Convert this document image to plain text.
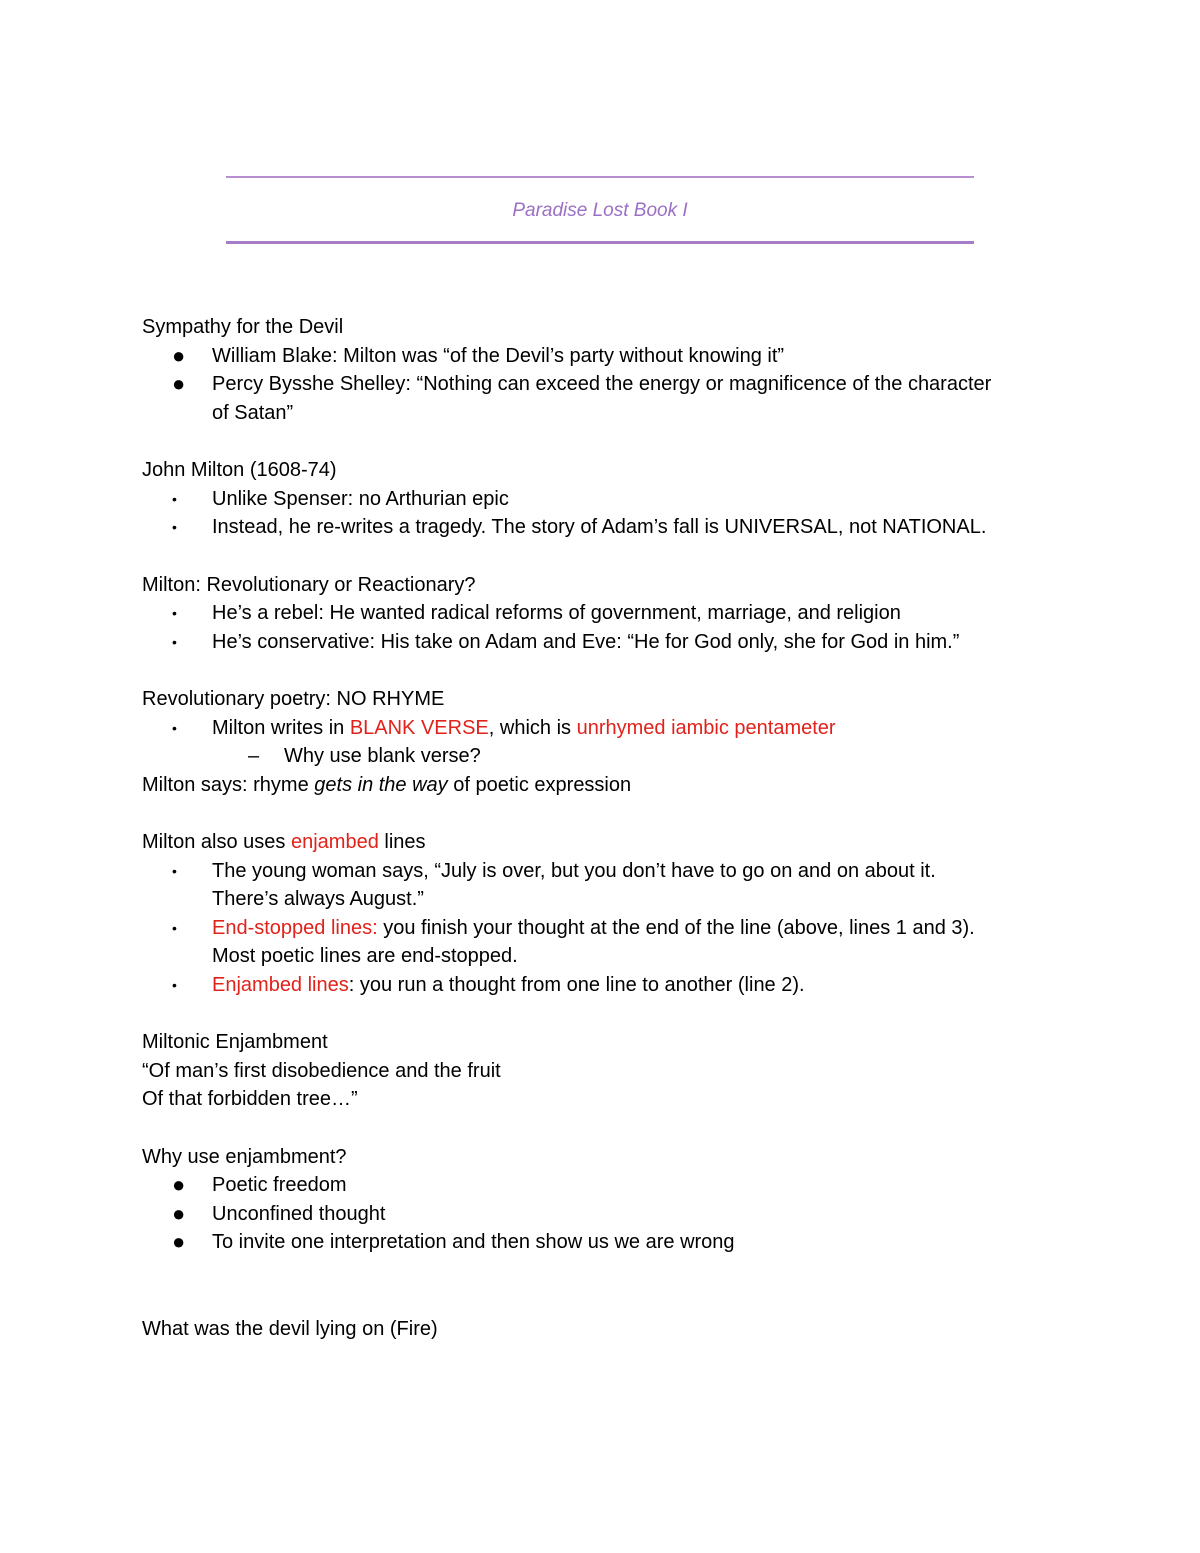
Paradise Lost Book I
Sympathy for the Devil
● William Blake: Milton was “of the Devil’s party without knowing it”
● Percy Bysshe Shelley: “Nothing can exceed the energy or magnificence of the character
of Satan”
John Milton (1608-74)
• Unlike Spenser: no Arthurian epic
• Instead, he re-writes a tragedy. The story of Adam’s fall is UNIVERSAL, not NATIONAL.
Milton: Revolutionary or Reactionary?
• He’s a rebel: He wanted radical reforms of government, marriage, and religion
• He’s conservative: His take on Adam and Eve: “He for God only, she for God in him.”
Revolutionary poetry: NO RHYME
• Milton writes in BLANK VERSE, which is unrhymed iambic pentameter
– Why use blank verse?
Milton says: rhyme gets in the way of poetic expression
Milton also uses enjambed lines
• The young woman says, “July is over, but you don’t have to go on and on about it.
There’s always August.”
• End-stopped lines: you finish your thought at the end of the line (above, lines 1 and 3).
Most poetic lines are end-stopped.
• Enjambed lines: you run a thought from one line to another (line 2).
Miltonic Enjambment
“Of man’s first disobedience and the fruit
Of that forbidden tree…”
Why use enjambment?
● Poetic freedom
● Unconfined thought
● To invite one interpretation and then show us we are wrong
What was the devil lying on (Fire)
